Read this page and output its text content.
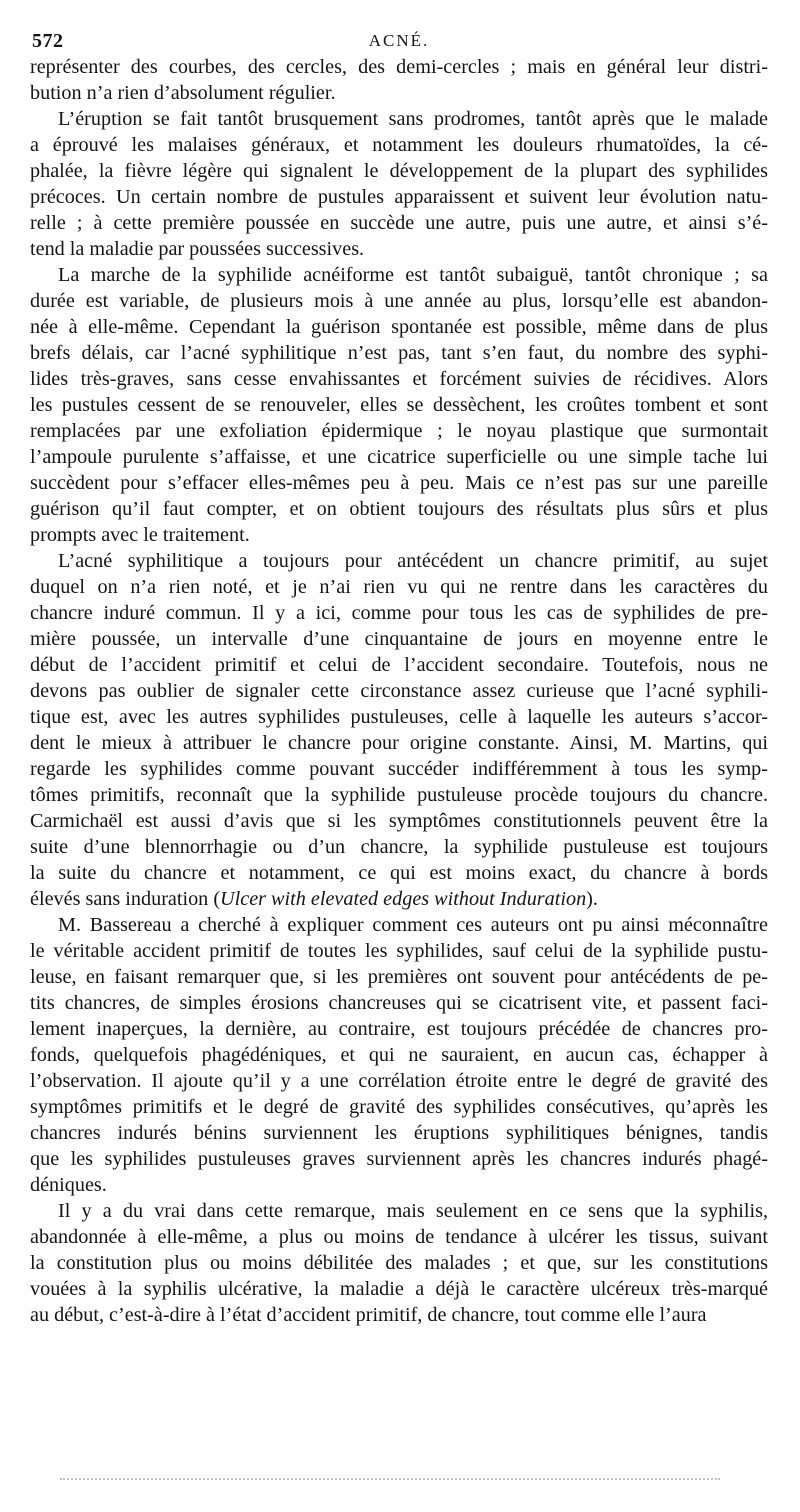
572	ACNÉ.
représenter des courbes, des cercles, des demi-cercles ; mais en général leur distri-
bution n’a rien d’absolument régulier.
L’éruption se fait tantôt brusquement sans prodromes, tantôt après que le malade
a éprouvé les malaises généraux, et notamment les douleurs rhumatoïdes, la cé-
phalée, la fièvre légère qui signalent le développement de la plupart des syphilides
précoces. Un certain nombre de pustules apparaissent et suivent leur évolution natu-
relle ; à cette première poussée en succède une autre, puis une autre, et ainsi s’é-
tend la maladie par poussées successives.
La marche de la syphilide acnéiforme est tantôt subaiguë, tantôt chronique ; sa
durée est variable, de plusieurs mois à une année au plus, lorsqu’elle est abandon-
née à elle-même. Cependant la guérison spontanée est possible, même dans de plus
brefs délais, car l’acné syphilitique n’est pas, tant s’en faut, du nombre des syphi-
lides très-graves, sans cesse envahissantes et forcément suivies de récidives. Alors
les pustules cessent de se renouveler, elles se dessèchent, les croûtes tombent et sont
remplacées par une exfoliation épidermique ; le noyau plastique que surmontait
l’ampoule purulente s’affaisse, et une cicatrice superficielle ou une simple tache lui
succèdent pour s’effacer elles-mêmes peu à peu. Mais ce n’est pas sur une pareille
guérison qu’il faut compter, et on obtient toujours des résultats plus sûrs et plus
prompts avec le traitement.
L’acné syphilitique a toujours pour antécédent un chancre primitif, au sujet
duquel on n’a rien noté, et je n’ai rien vu qui ne rentre dans les caractères du
chancre induré commun. Il y a ici, comme pour tous les cas de syphilides de pre-
mière poussée, un intervalle d’une cinquantaine de jours en moyenne entre le
début de l’accident primitif et celui de l’accident secondaire. Toutefois, nous ne
devons pas oublier de signaler cette circonstance assez curieuse que l’acné syphili-
tique est, avec les autres syphilides pustuleuses, celle à laquelle les auteurs s’accor-
dent le mieux à attribuer le chancre pour origine constante. Ainsi, M. Martins, qui
regarde les syphilides comme pouvant succéder indifféremment à tous les symp-
tômes primitifs, reconnaît que la syphilide pustuleuse procède toujours du chancre.
Carmichaël est aussi d’avis que si les symptômes constitutionnels peuvent être la
suite d’une blennorrhagie ou d’un chancre, la syphilide pustuleuse est toujours
la suite du chancre et notamment, ce qui est moins exact, du chancre à bords
élevés sans induration (Ulcer with elevated edges without Induration).
M. Bassereau a cherché à expliquer comment ces auteurs ont pu ainsi méconnaître
le véritable accident primitif de toutes les syphilides, sauf celui de la syphilide pustu-
leuse, en faisant remarquer que, si les premières ont souvent pour antécédents de pe-
tits chancres, de simples érosions chancreuses qui se cicatrisent vite, et passent faci-
lement inaperçues, la dernière, au contraire, est toujours précédée de chancres pro-
fonds, quelquefois phagédéniques, et qui ne sauraient, en aucun cas, échapper à
l’observation. Il ajoute qu’il y a une corrélation étroite entre le degré de gravité des
symptômes primitifs et le degré de gravité des syphilides consécutives, qu’après les
chancres indurés bénins surviennent les éruptions syphilitiques bénignes, tandis
que les syphilides pustuleuses graves surviennent après les chancres indurés phagé-
déniques.
Il y a du vrai dans cette remarque, mais seulement en ce sens que la syphilis,
abandonnée à elle-même, a plus ou moins de tendance à ulcérer les tissus, suivant
la constitution plus ou moins débilitée des malades ; et que, sur les constitutions
vouées à la syphilis ulcérative, la maladie a déjà le caractère ulcéreux très-marqué
au début, c’est-à-dire à l’état d’accident primitif, de chancre, tout comme elle l’aura
